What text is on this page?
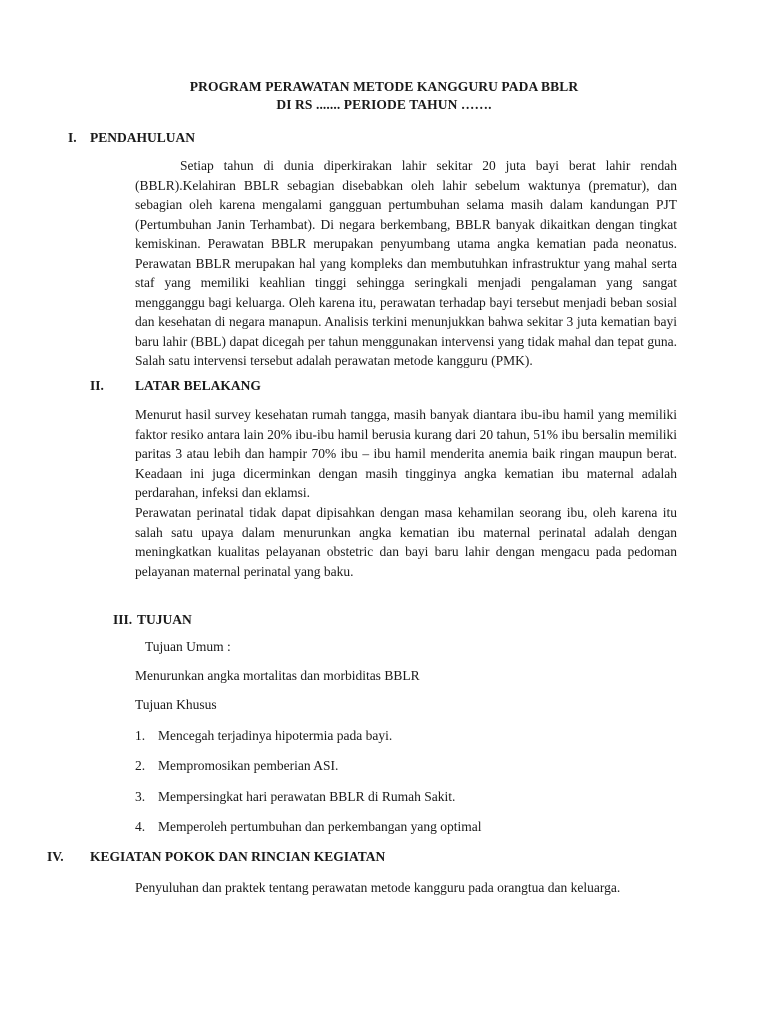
PROGRAM PERAWATAN METODE KANGGURU PADA BBLR
DI RS ....... PERIODE TAHUN …….
I. PENDAHULUAN

Setiap tahun di dunia diperkirakan lahir sekitar 20 juta bayi berat lahir rendah (BBLR).Kelahiran BBLR sebagian disebabkan oleh lahir sebelum waktunya (prematur), dan sebagian oleh karena mengalami gangguan pertumbuhan selama masih dalam kandungan PJT (Pertumbuhan Janin Terhambat). Di negara berkembang, BBLR banyak dikaitkan dengan tingkat kemiskinan. Perawatan BBLR merupakan penyumbang utama angka kematian pada neonatus. Perawatan BBLR merupakan hal yang kompleks dan membutuhkan infrastruktur yang mahal serta staf yang memiliki keahlian tinggi sehingga seringkali menjadi pengalaman yang sangat mengganggu bagi keluarga. Oleh karena itu, perawatan terhadap bayi tersebut menjadi beban sosial dan kesehatan di negara manapun. Analisis terkini menunjukkan bahwa sekitar 3 juta kematian bayi baru lahir (BBL) dapat dicegah per tahun menggunakan intervensi yang tidak mahal dan tepat guna. Salah satu intervensi tersebut adalah perawatan metode kangguru (PMK).

II. LATAR BELAKANG

Menurut hasil survey kesehatan rumah tangga, masih banyak diantara ibu-ibu hamil yang memiliki faktor resiko antara lain 20% ibu-ibu hamil berusia kurang dari 20 tahun, 51% ibu bersalin memiliki paritas 3 atau lebih dan hampir 70% ibu – ibu hamil menderita anemia baik ringan maupun berat. Keadaan ini juga dicerminkan dengan masih tingginya angka kematian ibu maternal adalah perdarahan, infeksi dan eklamsi.

Perawatan perinatal tidak dapat dipisahkan dengan masa kehamilan seorang ibu, oleh karena itu salah satu upaya dalam menurunkan angka kematian ibu maternal perinatal adalah dengan meningkatkan kualitas pelayanan obstetric dan bayi baru lahir dengan mengacu pada pedoman pelayanan maternal perinatal yang baku.

III. TUJUAN
Tujuan Umum :
Menurunkan angka mortalitas dan morbiditas BBLR
Tujuan Khusus
1. Mencegah terjadinya hipotermia pada bayi.
2. Mempromosikan pemberian ASI.
3. Mempersingkat hari perawatan BBLR di Rumah Sakit.
4. Memperoleh pertumbuhan dan perkembangan yang optimal
IV. KEGIATAN POKOK DAN RINCIAN KEGIATAN
Penyuluhan dan praktek tentang perawatan metode kangguru pada orangtua dan keluarga.
